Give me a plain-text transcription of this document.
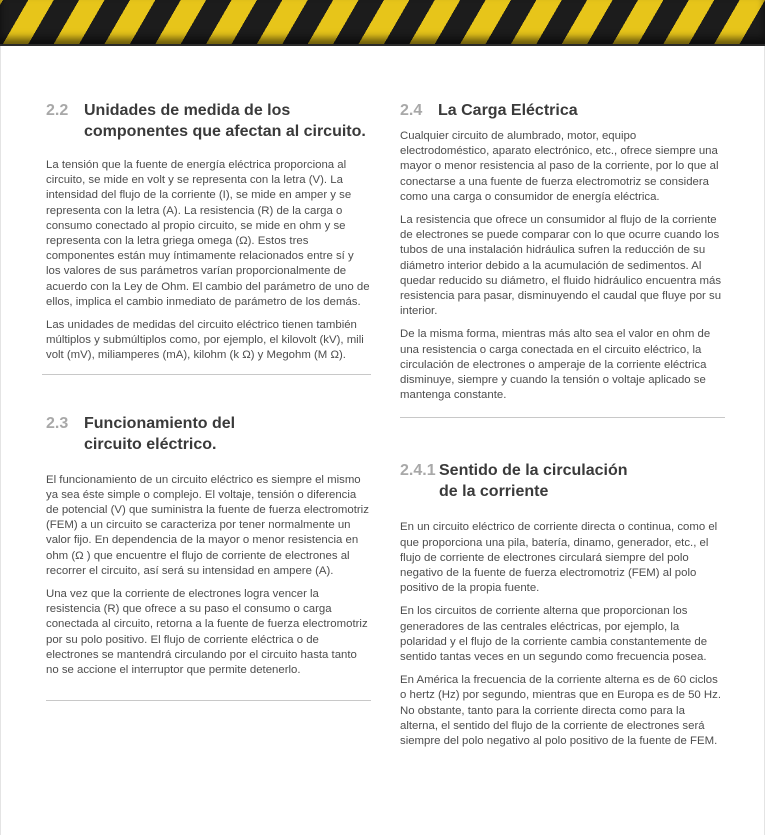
2.2 Unidades de medida de los
componentes que afectan al circuito.

La tensión que la fuente de energía eléctrica proporciona al circuito, se mide en volt y se representa con la letra (V). La intensidad del flujo de la corriente (I), se mide en amper y se representa con la letra (A). La resistencia (R) de la carga o consumo conectado al propio circuito, se mide en ohm y se representa con la letra griega omega (Ω). Estos tres componentes están muy íntimamente relacionados entre sí y los valores de sus parámetros varían proporcionalmente de acuerdo con la Ley de Ohm. El cambio del parámetro de uno de ellos, implica el cambio inmediato de parámetro de los demás.

Las unidades de medidas del circuito eléctrico tienen también múltiplos y submúltiplos como, por ejemplo, el kilovolt (kV), mili volt (mV), miliamperes (mA), kilohm (k Ω) y Megohm (M Ω).

2.3 Funcionamiento del
circuito eléctrico.

El funcionamiento de un circuito eléctrico es siempre el mismo ya sea éste simple o complejo. El voltaje, tensión o diferencia de potencial (V) que suministra la fuente de fuerza electromotriz (FEM) a un circuito se caracteriza por tener normalmente un valor fijo. En dependencia de la mayor o menor resistencia en ohm (Ω ) que encuentre el flujo de corriente de electrones al recorrer el circuito, así será su intensidad en ampere (A).

Una vez que la corriente de electrones logra vencer la resistencia (R) que ofrece a su paso el consumo o carga conectada al circuito, retorna a la fuente de fuerza electromotriz por su polo positivo. El flujo de corriente eléctrica o de electrones se mantendrá circulando por el circuito hasta tanto no se accione el interruptor que permite detenerlo.

2.4 La Carga Eléctrica

Cualquier circuito de alumbrado, motor, equipo electrodoméstico, aparato electrónico, etc., ofrece siempre una mayor o menor resistencia al paso de la corriente, por lo que al conectarse a una fuente de fuerza electromotriz se considera como una carga o consumidor de energía eléctrica.

La resistencia que ofrece un consumidor al flujo de la corriente de electrones se puede comparar con lo que ocurre cuando los tubos de una instalación hidráulica sufren la reducción de su diámetro interior debido a la acumulación de sedimentos. Al quedar reducido su diámetro, el fluido hidráulico encuentra más resistencia para pasar, disminuyendo el caudal que fluye por su interior.

De la misma forma, mientras más alto sea el valor en ohm de una resistencia o carga conectada en el circuito eléctrico, la circulación de electrones o amperaje de la corriente eléctrica disminuye, siempre y cuando la tensión o voltaje aplicado se mantenga constante.

2.4.1 Sentido de la circulación
de la corriente

En un circuito eléctrico de corriente directa o continua, como el que proporciona una pila, batería, dinamo, generador, etc., el flujo de corriente de electrones circulará siempre del polo negativo de la fuente de fuerza electromotriz (FEM) al polo positivo de la propia fuente.

En los circuitos de corriente alterna que proporcionan los generadores de las centrales eléctricas, por ejemplo, la polaridad y el flujo de la corriente cambia constantemente de sentido tantas veces en un segundo como frecuencia posea.

En América la frecuencia de la corriente alterna es de 60 ciclos o hertz (Hz) por segundo, mientras que en Europa es de 50 Hz. No obstante, tanto para la corriente directa como para la alterna, el sentido del flujo de la corriente de electrones será siempre del polo negativo al polo positivo de la fuente de FEM.
